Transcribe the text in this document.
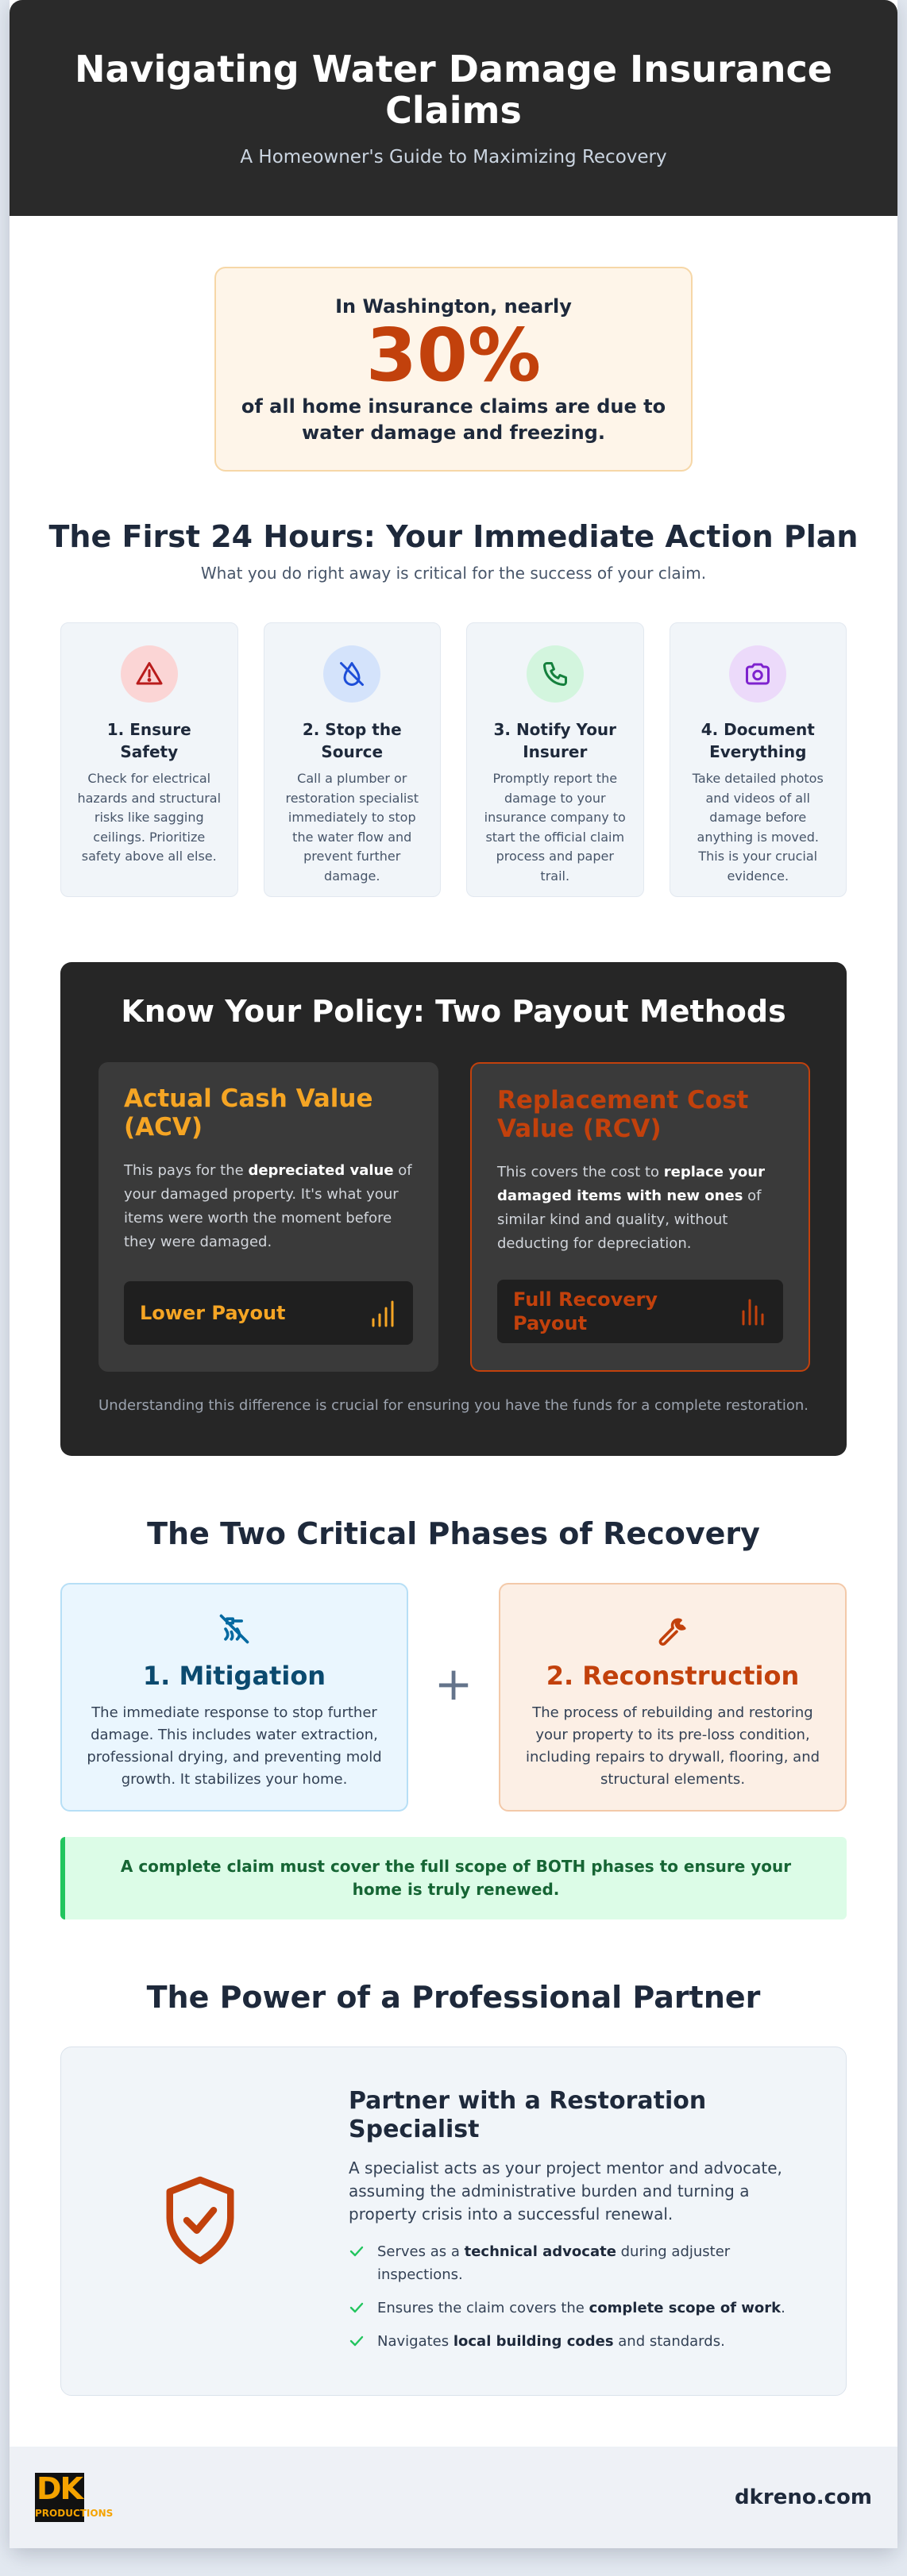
Navigating Water Damage Insurance Claims

A Homeowner's Guide to Maximizing Recovery

In Washington, nearly
30%
of all home insurance claims are due to water damage and freezing.
The First 24 Hours: Your Immediate Action Plan
What you do right away is critical for the success of your claim.
1. Ensure Safety

Check for electrical hazards and structural risks like sagging ceilings. Prioritize safety above all else.

2. Stop the Source

Call a plumber or restoration specialist immediately to stop the water flow and prevent further damage.

3. Notify Your Insurer

Promptly report the damage to your insurance company to start the official claim process and paper trail.

4. Document Everything

Take detailed photos and videos of all damage before anything is moved. This is your crucial evidence.

Know Your Policy: Two Payout Methods
Actual Cash Value (ACV)

This pays for the depreciated value of your damaged property. It's what your items were worth the moment before they were damaged.

Lower Payout
Replacement Cost Value (RCV)

This covers the cost to replace your damaged items with new ones of similar kind and quality, without deducting for depreciation.

Full Recovery Payout
Understanding this difference is crucial for ensuring you have the funds for a complete restoration.
The Two Critical Phases of Recovery
1. Mitigation

The immediate response to stop further damage. This includes water extraction, professional drying, and preventing mold growth. It stabilizes your home.

+	2. Reconstruction

The process of rebuilding and restoring your property to its pre-loss condition, including repairs to drywall, flooring, and structural elements.

A complete claim must cover the full scope of BOTH phases to ensure your home is truly renewed.
The Power of a Professional Partner
Partner with a Restoration Specialist

A specialist acts as your project mentor and advocate, assuming the administrative burden and turning a property crisis into a successful renewal.

Serves as a technical advocate during adjuster inspections.
Ensures the claim covers the complete scope of work.
Navigates local building codes and standards.
DK
PRODUCTIONS
dkreno.com
